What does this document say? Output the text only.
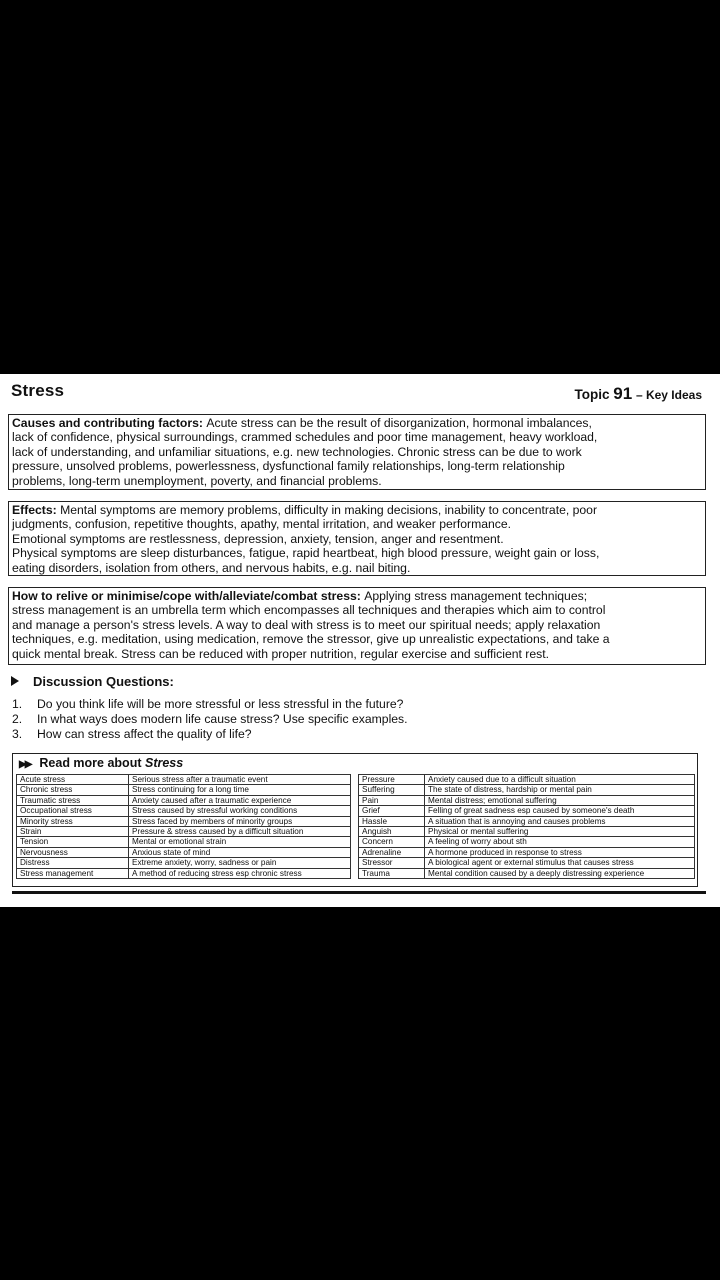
Stress	Topic 91 – Key Ideas
Causes and contributing factors: Acute stress can be the result of disorganization, hormonal imbalances,
lack of confidence, physical surroundings, crammed schedules and poor time management, heavy workload,
lack of understanding, and unfamiliar situations, e.g. new technologies. Chronic stress can be due to work
pressure, unsolved problems, powerlessness, dysfunctional family relationships, long-term relationship
problems, long-term unemployment, poverty, and financial problems.
Effects: Mental symptoms are memory problems, difficulty in making decisions, inability to concentrate, poor
judgments, confusion, repetitive thoughts, apathy, mental irritation, and weaker performance.
Emotional symptoms are restlessness, depression, anxiety, tension, anger and resentment.
Physical symptoms are sleep disturbances, fatigue, rapid heartbeat, high blood pressure, weight gain or loss,
eating disorders, isolation from others, and nervous habits, e.g. nail biting.
How to relive or minimise/cope with/alleviate/combat stress: Applying stress management techniques;
stress management is an umbrella term which encompasses all techniques and therapies which aim to control
and manage a person's stress levels. A way to deal with stress is to meet our spiritual needs; apply relaxation
techniques, e.g. meditation, using medication, remove the stressor, give up unrealistic expectations, and take a
quick mental break. Stress can be reduced with proper nutrition, regular exercise and sufficient rest.
Discussion Questions:
1. Do you think life will be more stressful or less stressful in the future?
2. In what ways does modern life cause stress? Use specific examples.
3. How can stress affect the quality of life?
▶▶ Read more about Stress
Acute stress	Serious stress after a traumatic event		Pressure	Anxiety caused due to a difficult situation
Chronic stress	Stress continuing for a long time		Suffering	The state of distress, hardship or mental pain
Traumatic stress	Anxiety caused after a traumatic experience		Pain	Mental distress; emotional suffering
Occupational stress	Stress caused by stressful working conditions		Grief	Felling of great sadness esp caused by someone's death
Minority stress	Stress faced by members of minority groups		Hassle	A situation that is annoying and causes problems
Strain	Pressure & stress caused by a difficult situation		Anguish	Physical or mental suffering
Tension	Mental or emotional strain		Concern	A feeling of worry about sth
Nervousness	Anxious state of mind		Adrenaline	A hormone produced in response to stress
Distress	Extreme anxiety, worry, sadness or pain		Stressor	A biological agent or external stimulus that causes stress
Stress management	A method of reducing stress esp chronic stress		Trauma	Mental condition caused by a deeply distressing experience
